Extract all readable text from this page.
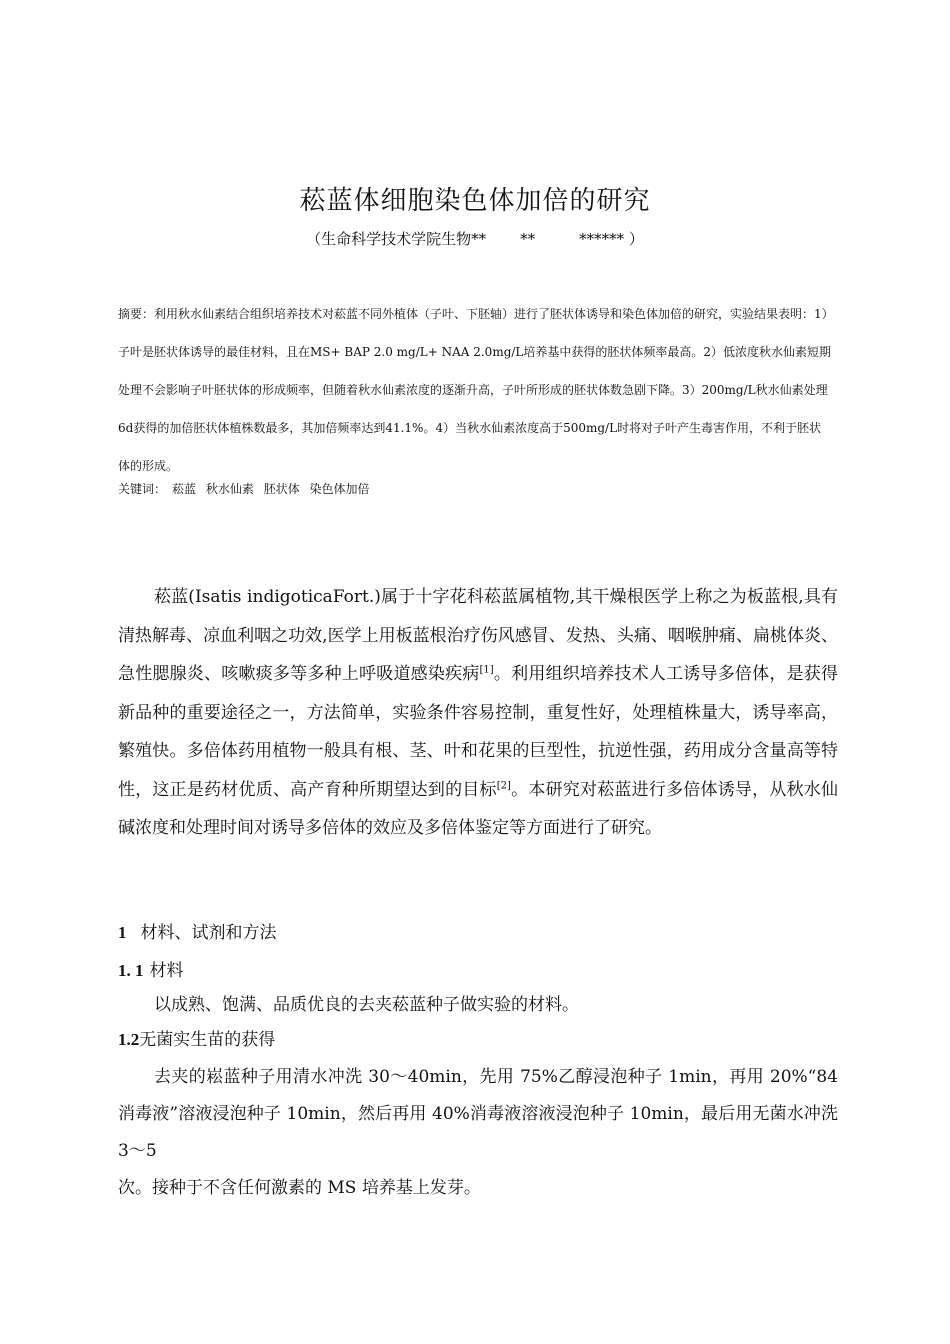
菘蓝体细胞染色体加倍的研究
（生命科学技术学院生物** **	****** ）

摘要：利用秋水仙素结合组织培养技术对菘蓝不同外植体（子叶、下胚轴）进行了胚状体诱导和染色体加倍的研究，实验结果表明：1）子叶是胚状体诱导的最佳材料，且在MS+ BAP 2.0 mg/L+ NAA 2.0mg/L培养基中获得的胚状体频率最高。2）低浓度秋水仙素短期处理不会影响子叶胚状体的形成频率，但随着秋水仙素浓度的逐渐升高，子叶所形成的胚状体数急剧下降。3）200mg/L秋水仙素处理6d获得的加倍胚状体植株数最多，其加倍频率达到41.1%。4）当秋水仙素浓度高于500mg/L时将对子叶产生毒害作用，不利于胚状体的形成。

关键词： 菘蓝 秋水仙素 胚状体 染色体加倍

菘蓝(Isatis indigoticaFort.)属于十字花科菘蓝属植物,其干燥根医学上称之为板蓝根,具有清热解毒、凉血利咽之功效,医学上用板蓝根治疗伤风感冒、发热、头痛、咽喉肿痛、扁桃体炎、急性腮腺炎、咳嗽痰多等多种上呼吸道感染疾病[1]。利用组织培养技术人工诱导多倍体，是获得新品种的重要途径之一，方法简单，实验条件容易控制，重复性好，处理植株量大，诱导率高，繁殖快。多倍体药用植物一般具有根、茎、叶和花果的巨型性，抗逆性强，药用成分含量高等特性，这正是药材优质、高产育种所期望达到的目标[2]。本研究对菘蓝进行多倍体诱导，从秋水仙碱浓度和处理时间对诱导多倍体的效应及多倍体鉴定等方面进行了研究。

1 材料、试剂和方法

1. 1 材料

以成熟、饱满、品质优良的去夹菘蓝种子做实验的材料。

1.2无菌实生苗的获得

去夹的崧蓝种子用清水冲洗 30～40min，先用 75%乙醇浸泡种子 1min，再用 20%“84 消毒液”溶液浸泡种子 10min，然后再用 40%消毒液溶液浸泡种子 10min，最后用无菌水冲洗 3～5
次。接种于不含任何激素的 MS 培养基上发芽。
